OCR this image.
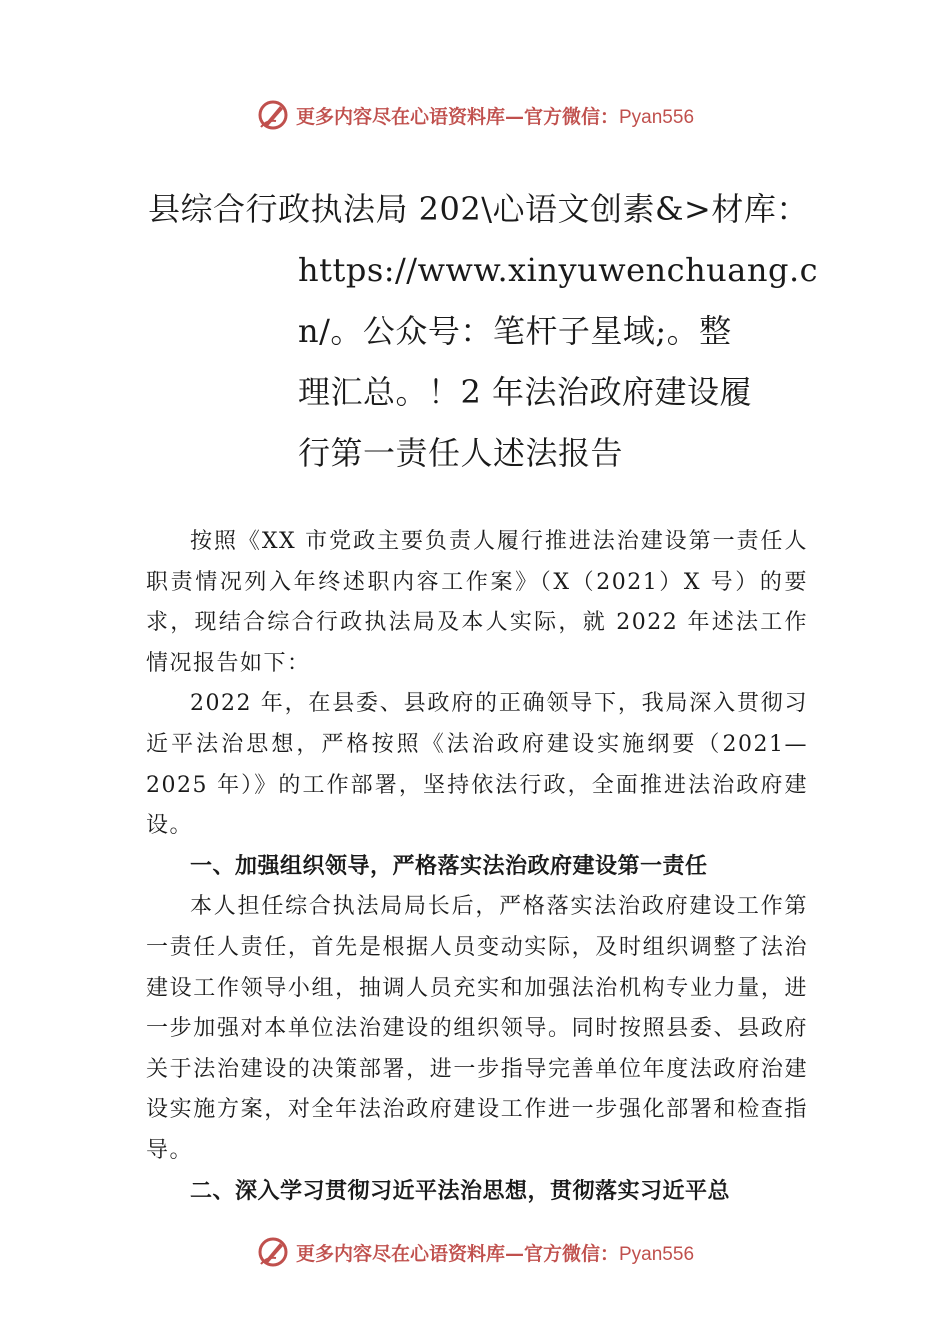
更多内容尽在心语资料库—官方微信：Pyan556
县综合行政执法局 202\心语文创素&>材库：
https://www.xinyuwenchuang.c
n/。公众号：笔杆子星域;。整
理汇总。！2 年法治政府建设履
行第一责任人述法报告

按照《XX 市党政主要负责人履行推进法治建设第一责任人职责情况列入年终述职内容工作案》（X（2021）X 号）的要求，现结合综合行政执法局及本人实际，就 2022 年述法工作情况报告如下：

2022 年，在县委、县政府的正确领导下，我局深入贯彻习近平法治思想，严格按照《法治政府建设实施纲要（2021—2025 年）》的工作部署，坚持依法行政，全面推进法治政府建设。

一、加强组织领导，严格落实法治政府建设第一责任

本人担任综合执法局局长后，严格落实法治政府建设工作第一责任人责任，首先是根据人员变动实际，及时组织调整了法治建设工作领导小组，抽调人员充实和加强法治机构专业力量，进一步加强对本单位法治建设的组织领导。同时按照县委、县政府关于法治建设的决策部署，进一步指导完善单位年度法政府治建设实施方案，对全年法治政府建设工作进一步强化部署和检查指导。

二、深入学习贯彻习近平法治思想，贯彻落实习近平总

更多内容尽在心语资料库—官方微信：Pyan556
